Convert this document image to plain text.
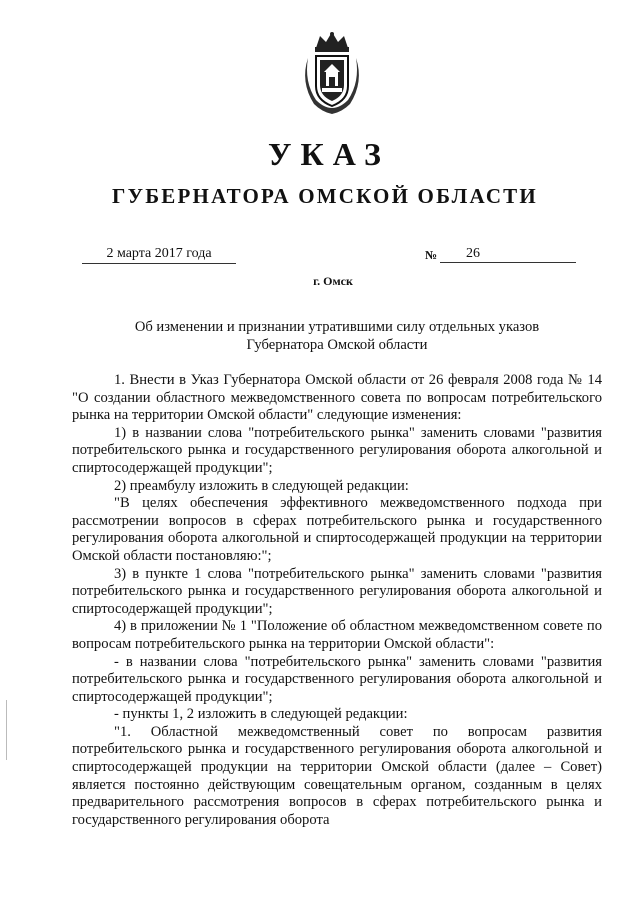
УКАЗ
ГУБЕРНАТОРА ОМСКОЙ ОБЛАСТИ
2 марта 2017 года	№	26
г. Омск
Об изменении и признании утратившими силу отдельных указов
Губернатора Омской области

1. Внести в Указ Губернатора Омской области от 26 февраля 2008 года № 14 "О создании областного межведомственного совета по вопросам потребительского рынка на территории Омской области" следующие изменения:

1) в названии слова "потребительского рынка" заменить словами "развития потребительского рынка и государственного регулирования оборота алкогольной и спиртосодержащей продукции";

2) преамбулу изложить в следующей редакции:

"В целях обеспечения эффективного межведомственного подхода при рассмотрении вопросов в сферах потребительского рынка и государственного регулирования оборота алкогольной и спиртосодержащей продукции на территории Омской области постановляю:";

3) в пункте 1 слова "потребительского рынка" заменить словами "развития потребительского рынка и государственного регулирования оборота алкогольной и спиртосодержащей продукции";

4) в приложении № 1 "Положение об областном межведомственном совете по вопросам потребительского рынка на территории Омской области":

- в названии слова "потребительского рынка" заменить словами "развития потребительского рынка и государственного регулирования оборота алкогольной и спиртосодержащей продукции";

- пункты 1, 2 изложить в следующей редакции:

"1. Областной межведомственный совет по вопросам развития потребительского рынка и государственного регулирования оборота алкогольной и спиртосодержащей продукции на территории Омской области (далее – Совет) является постоянно действующим совещательным органом, созданным в целях предварительного рассмотрения вопросов в сферах потребительского рынка и государственного регулирования оборота
